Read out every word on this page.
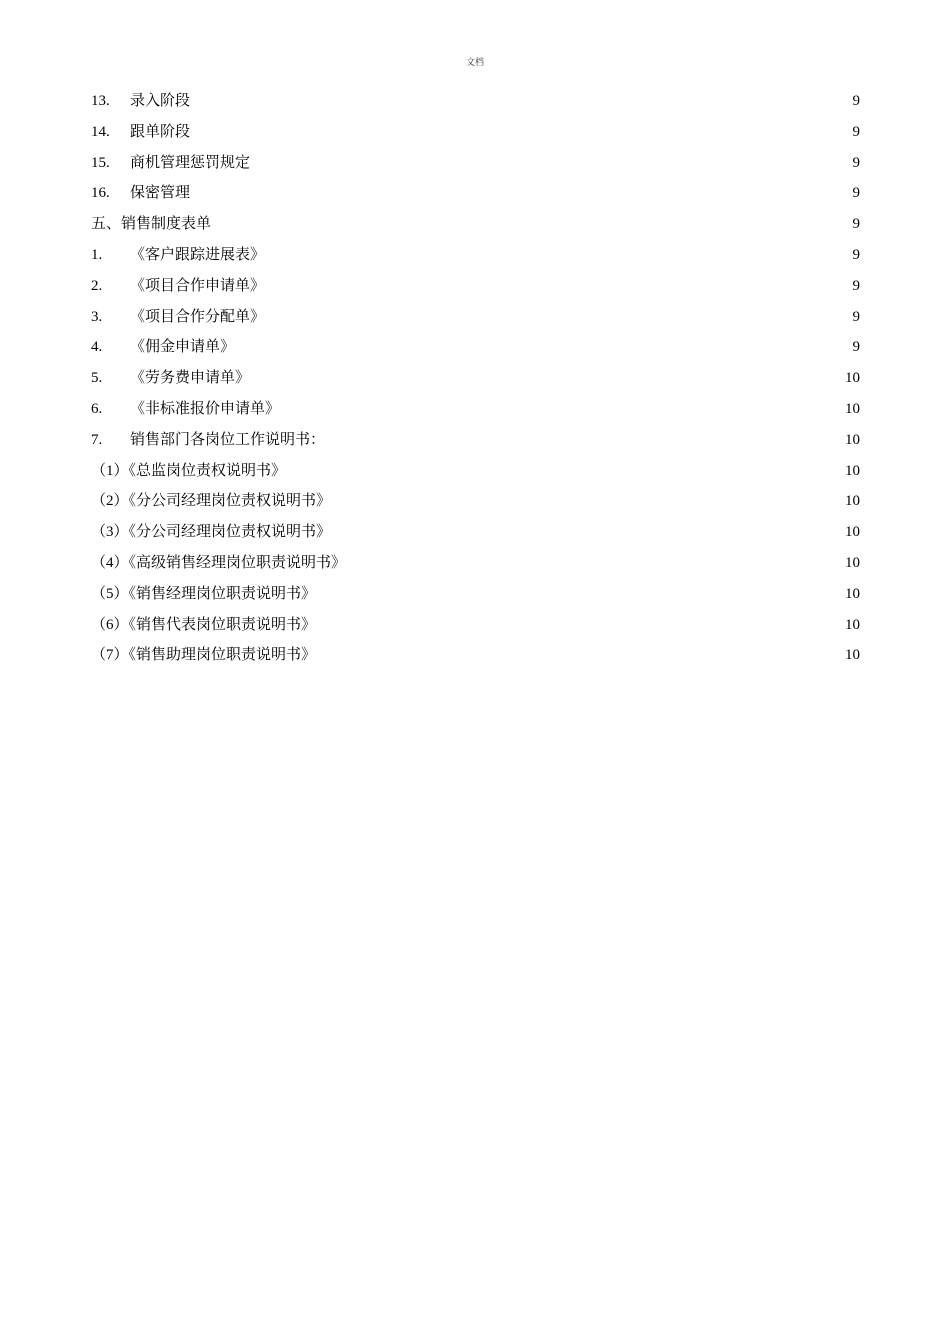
文档
13.	录入阶段	9
14.	跟单阶段	9
15.	商机管理惩罚规定	9
16.	保密管理	9
五、销售制度表单	9
1.	《客户跟踪进展表》	9
2.	《项目合作申请单》	9
3.	《项目合作分配单》	9
4.	《佣金申请单》	9
5.	《劳务费申请单》	10
6.	《非标准报价申请单》	10
7.	销售部门各岗位工作说明书：	10
（1）《总监岗位责权说明书》	10
（2）《分公司经理岗位责权说明书》	10
（3）《分公司经理岗位责权说明书》	10
（4）《高级销售经理岗位职责说明书》	10
（5）《销售经理岗位职责说明书》	10
（6）《销售代表岗位职责说明书》	10
（7）《销售助理岗位职责说明书》	10
